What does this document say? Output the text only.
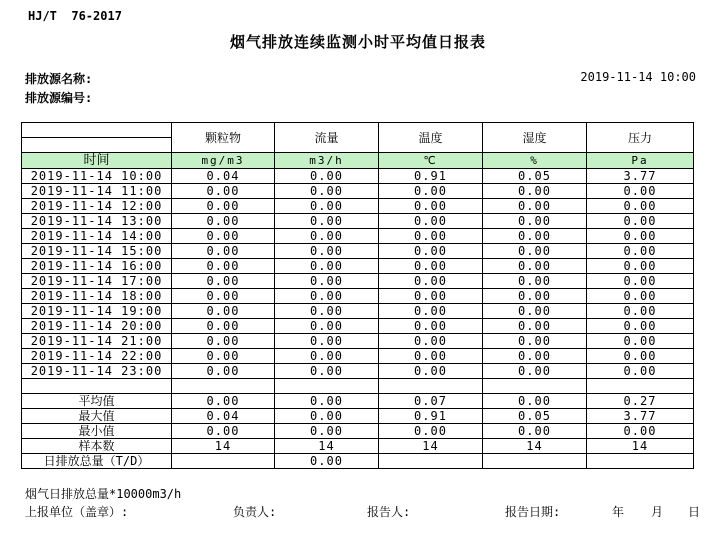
HJ/T  76-2017
烟气排放连续监测小时平均值日报表
排放源名称:	2019-11-14 10:00
排放源编号:
	颗粒物	流量	温度	湿度	压力

时间	mg/m3	m3/h	℃	%	Pa
2019-11-14 10:00	0.04	0.00	0.91	0.05	3.77
2019-11-14 11:00	0.00	0.00	0.00	0.00	0.00
2019-11-14 12:00	0.00	0.00	0.00	0.00	0.00
2019-11-14 13:00	0.00	0.00	0.00	0.00	0.00
2019-11-14 14:00	0.00	0.00	0.00	0.00	0.00
2019-11-14 15:00	0.00	0.00	0.00	0.00	0.00
2019-11-14 16:00	0.00	0.00	0.00	0.00	0.00
2019-11-14 17:00	0.00	0.00	0.00	0.00	0.00
2019-11-14 18:00	0.00	0.00	0.00	0.00	0.00
2019-11-14 19:00	0.00	0.00	0.00	0.00	0.00
2019-11-14 20:00	0.00	0.00	0.00	0.00	0.00
2019-11-14 21:00	0.00	0.00	0.00	0.00	0.00
2019-11-14 22:00	0.00	0.00	0.00	0.00	0.00
2019-11-14 23:00	0.00	0.00	0.00	0.00	0.00

平均值	0.00	0.00	0.07	0.00	0.27
最大值	0.04	0.00	0.91	0.05	3.77
最小值	0.00	0.00	0.00	0.00	0.00
样本数	14	14	14	14	14
日排放总量（T/D）		0.00			
烟气日排放总量*10000m3/h
上报单位（盖章）:	负责人:	报告人:	报告日期:	年 月 日
